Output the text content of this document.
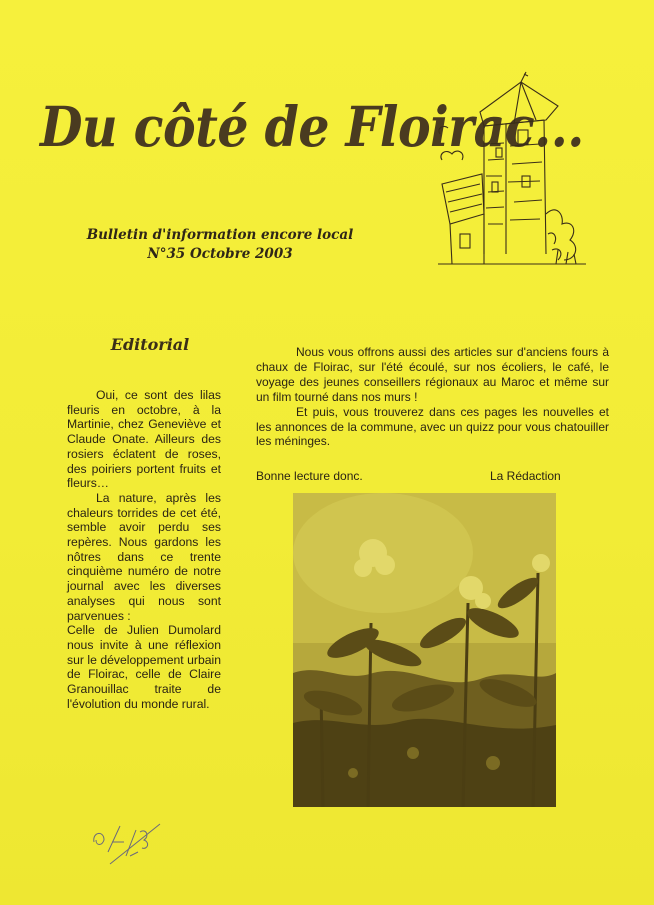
Du côté de Floirac...
Bulletin d'information encore local
N°35 Octobre 2003
Editorial

Oui, ce sont des lilas fleuris en octobre, à la Martinie, chez Geneviève et Claude Onate. Ailleurs des rosiers éclatent de roses, des poiriers portent fruits et fleurs…

La nature, après les chaleurs torrides de cet été, semble avoir perdu ses repères. Nous gardons les nôtres dans ce trente cinquième numéro de notre journal avec les diverses analyses qui nous sont parvenues :

Celle de Julien Dumolard nous invite à une réflexion sur le développement urbain de Floirac, celle de Claire Granouillac traite de l'évolution du monde rural.

Nous vous offrons aussi des articles sur d'anciens fours à chaux de Floirac, sur l'été écoulé, sur nos écoliers, le café, le voyage des jeunes conseillers régionaux au Maroc et même sur un film tourné dans nos murs !

Et puis, vous trouverez dans ces pages les nouvelles et les annonces de la commune, avec un quizz pour vous chatouiller les méninges.

Bonne lecture donc.	La Rédaction
